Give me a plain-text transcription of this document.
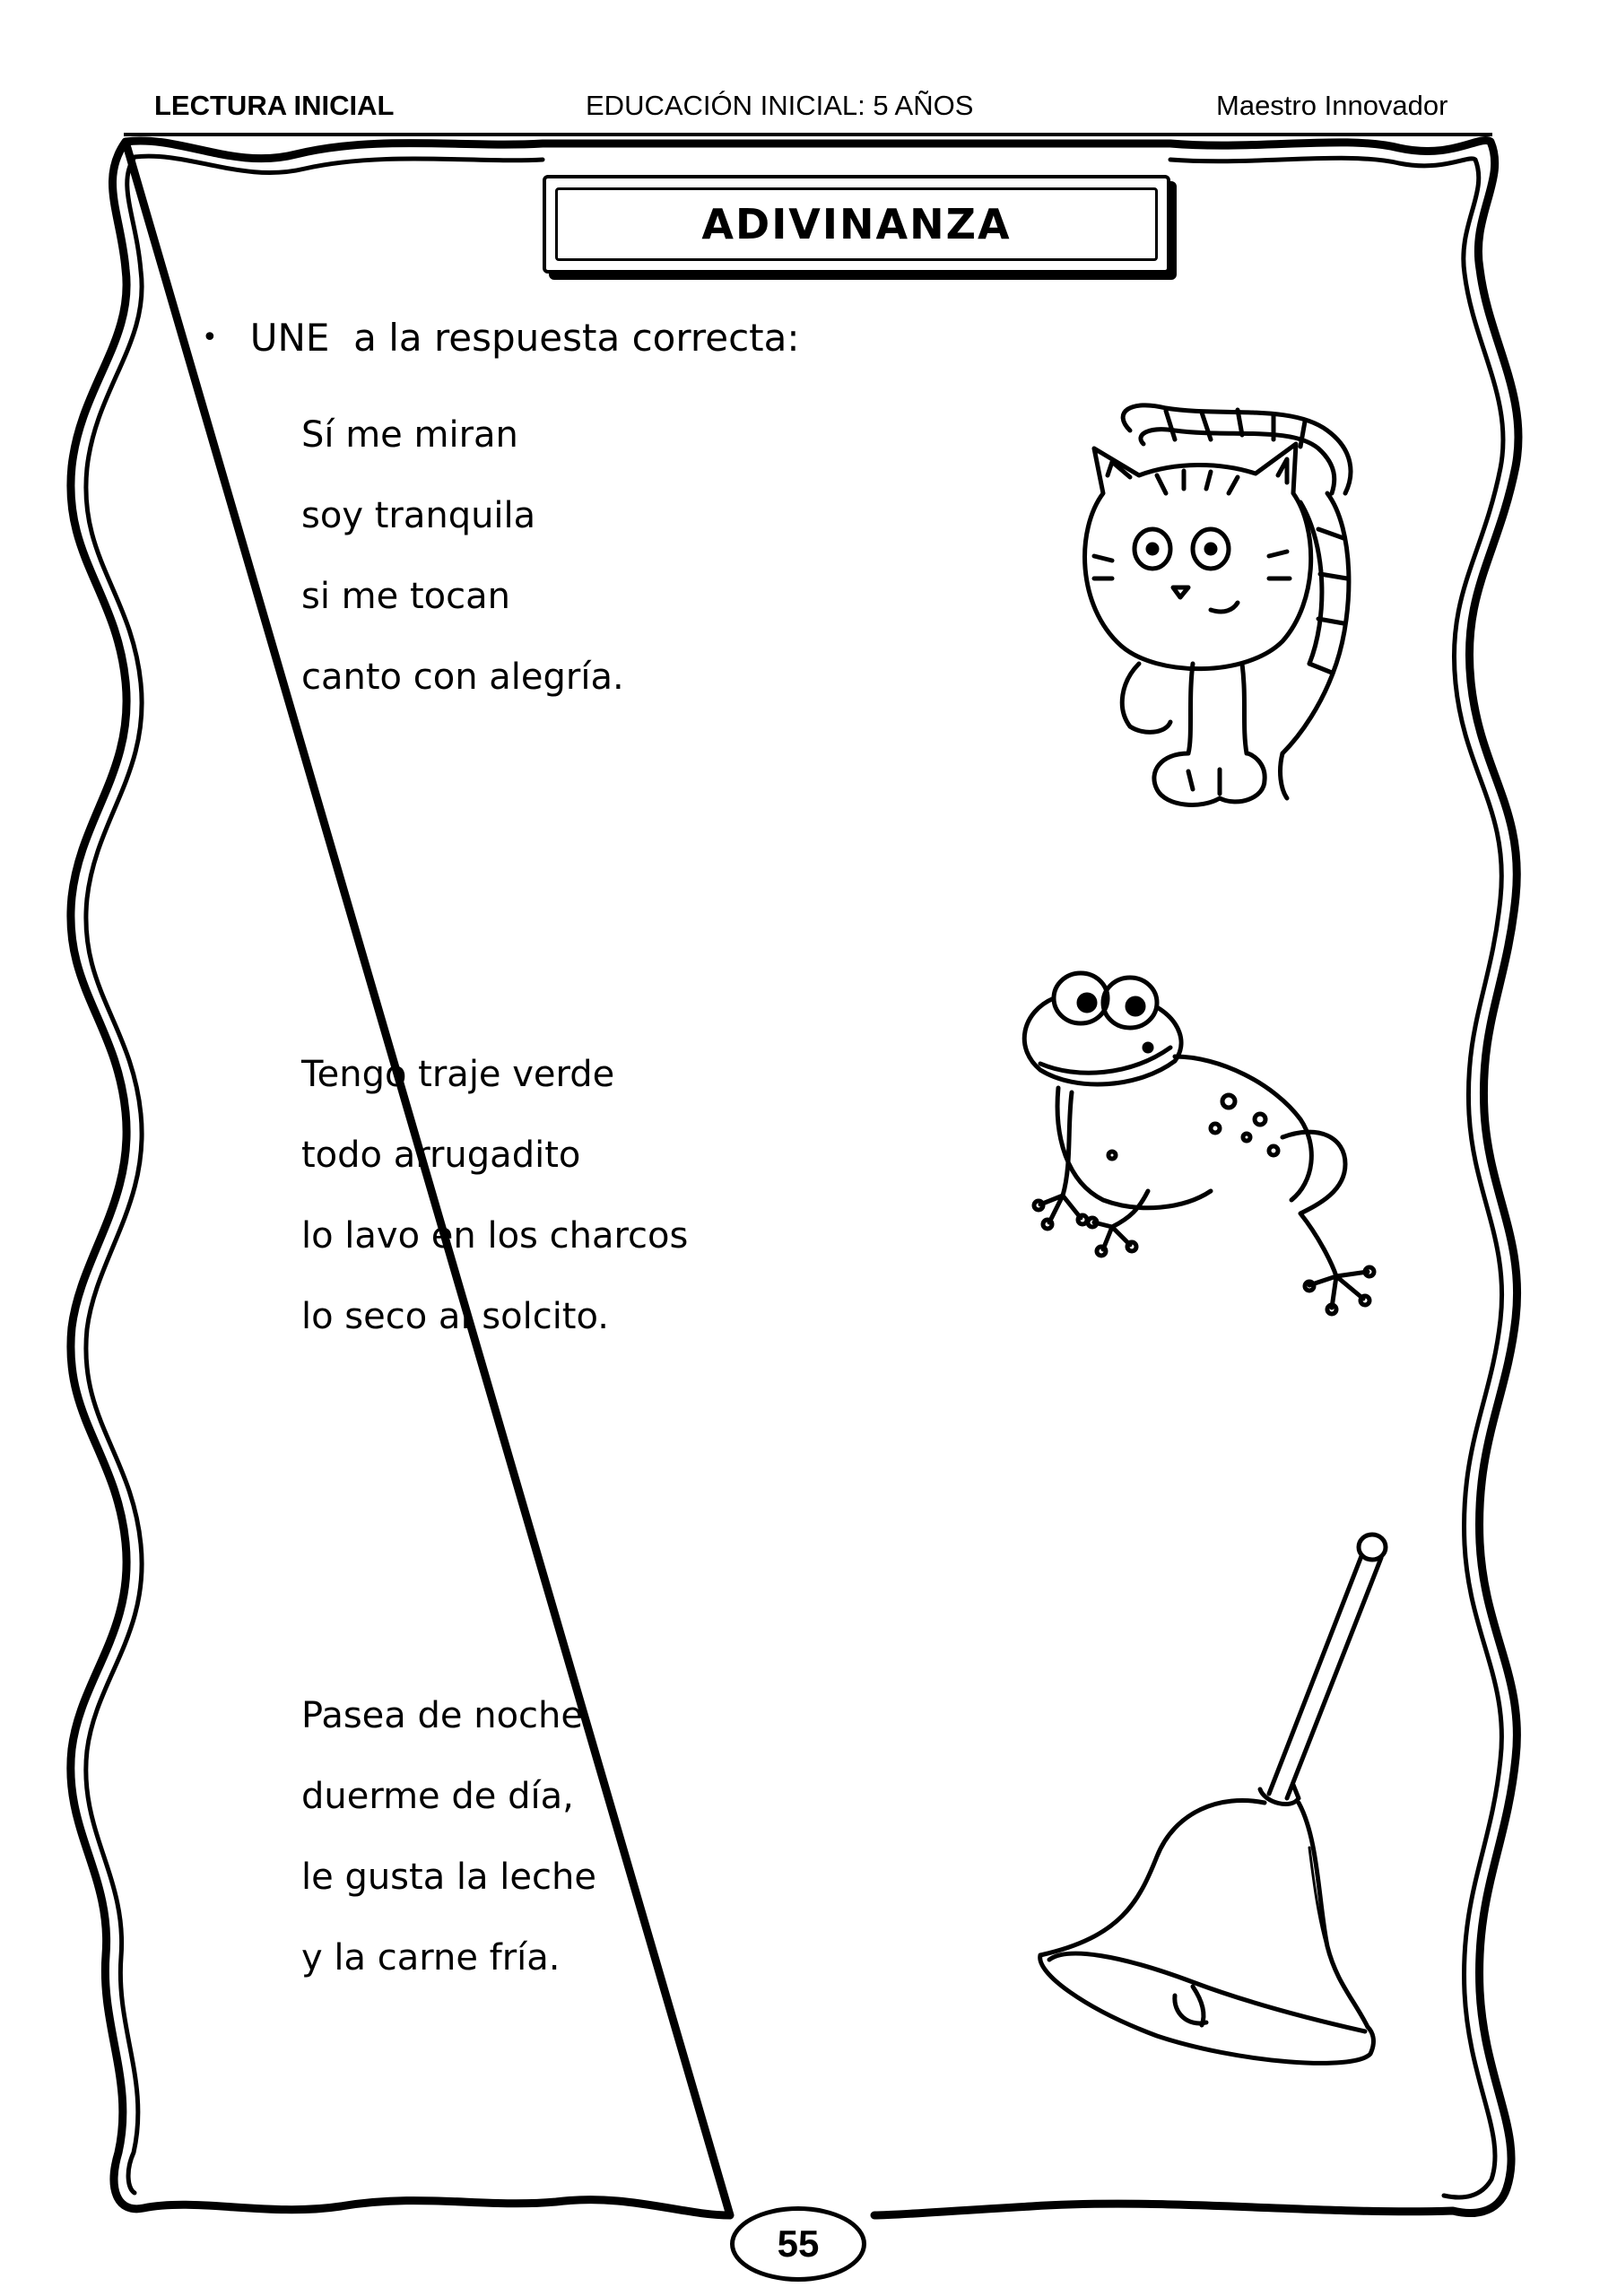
LECTURA INICIAL	EDUCACIÓN INICIAL: 5 AÑOS	Maestro Innovador
ADIVINANZA
• UNE  a la respuesta correcta:
Sí me miran
soy tranquila
si me tocan
canto con alegría.
Tengo traje verde
todo arrugadito
lo lavo en los charcos
lo seco al solcito.
Pasea de noche
duerme de día,
le gusta la leche
y la carne fría.
55
